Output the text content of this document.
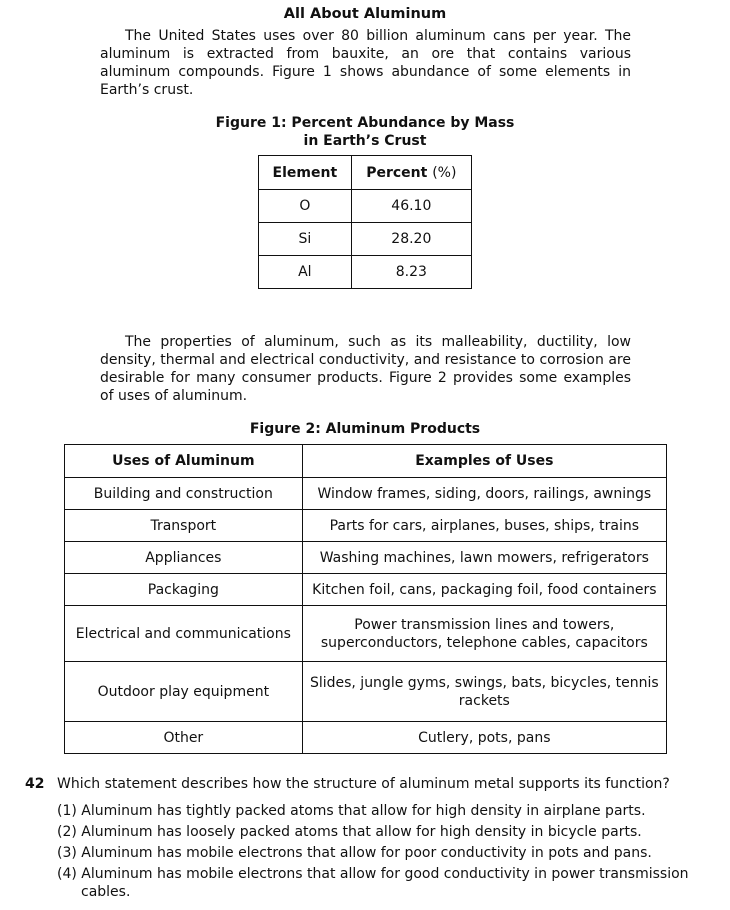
All About Aluminum

The United States uses over 80 billion aluminum cans per year. The aluminum is extracted from bauxite, an ore that contains various aluminum compounds. Figure 1 shows abundance of some elements in Earth’s crust.

Figure 1: Percent Abundance by Mass
in Earth’s Crust
Element	Percent (%)
O	46.10
Si	28.20
Al	8.23

The properties of aluminum, such as its malleability, ductility, low density, thermal and electrical conductivity, and resistance to corrosion are desirable for many consumer products. Figure 2 provides some examples of uses of aluminum.

Figure 2: Aluminum Products
Uses of Aluminum	Examples of Uses
Building and construction	Window frames, siding, doors, railings, awnings
Transport	Parts for cars, airplanes, buses, ships, trains
Appliances	Washing machines, lawn mowers, refrigerators
Packaging	Kitchen foil, cans, packaging foil, food containers
Electrical and communications	Power transmission lines and towers, superconductors, telephone cables, capacitors
Outdoor play equipment	Slides, jungle gyms, swings, bats, bicycles, tennis rackets
Other	Cutlery, pots, pans
42 Which statement describes how the structure of aluminum metal supports its function?
(1) Aluminum has tightly packed atoms that allow for high density in airplane parts.
(2) Aluminum has loosely packed atoms that allow for high density in bicycle parts.
(3) Aluminum has mobile electrons that allow for poor conductivity in pots and pans.
(4) Aluminum has mobile electrons that allow for good conductivity in power transmission cables.
